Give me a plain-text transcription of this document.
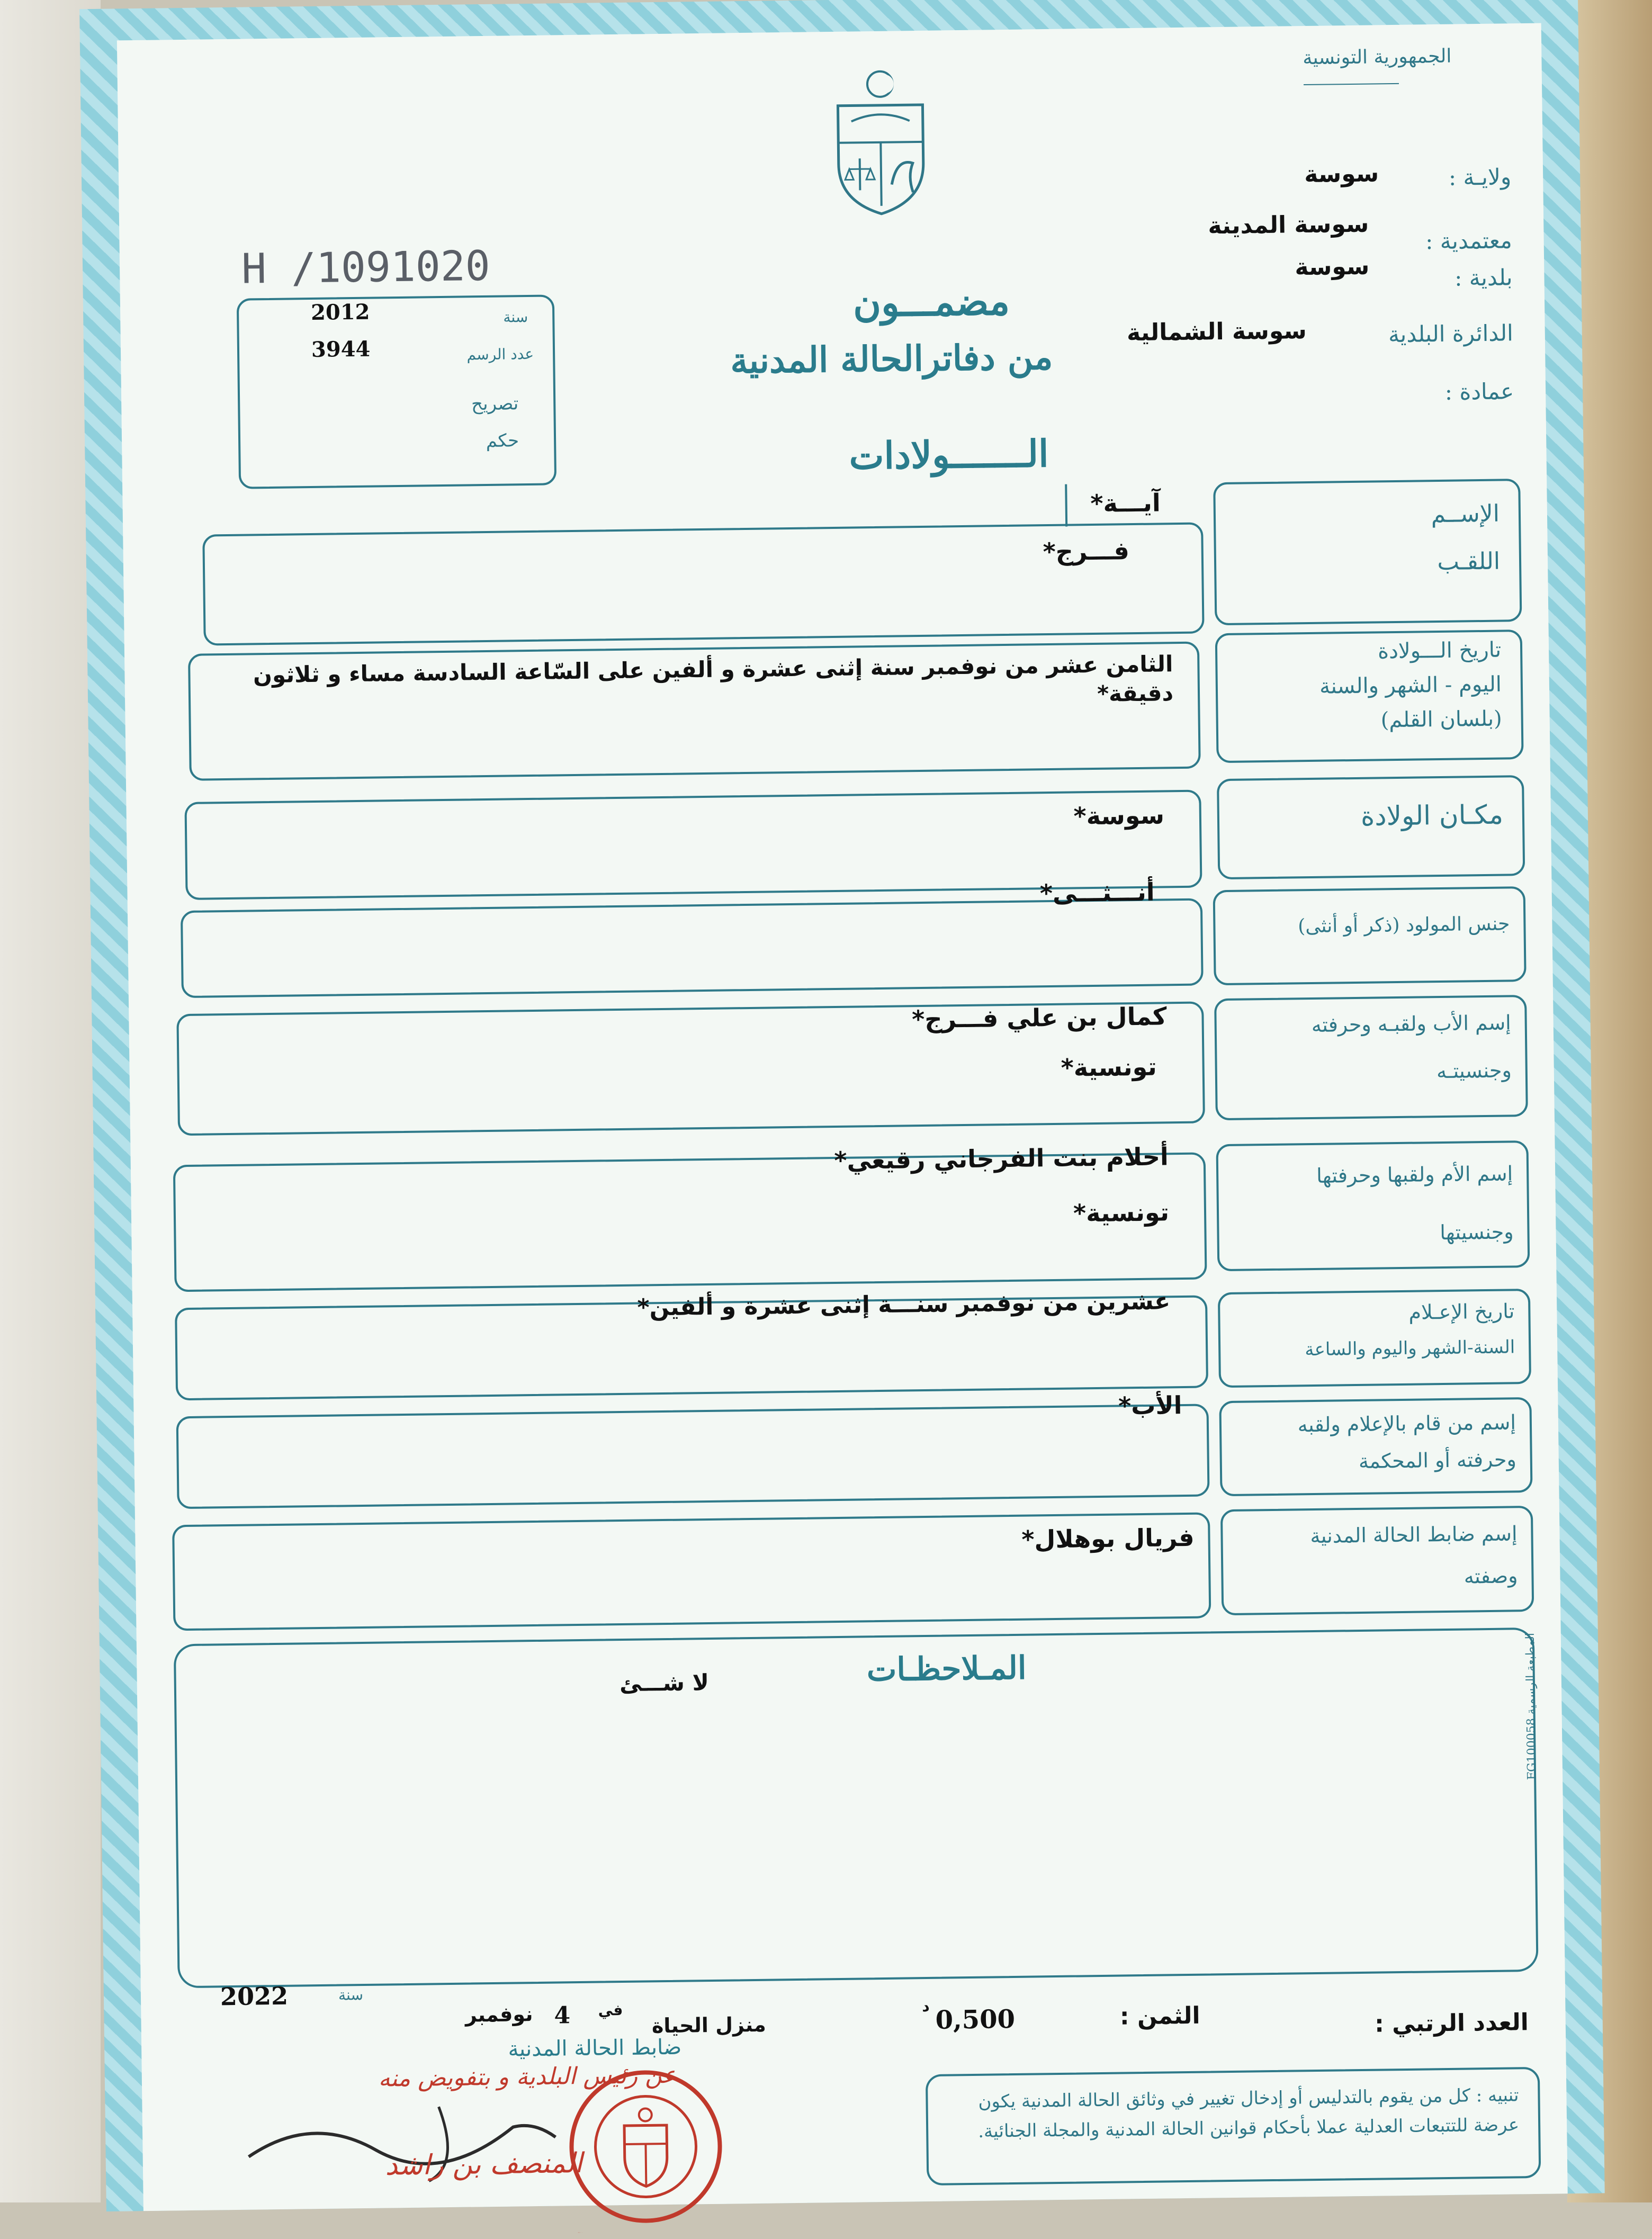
الجمهورية التونسية
ولايـة :
سوسة
معتمدية :
سوسة المدينة
بلدية :
سوسة
الدائرة البلدية
سوسة الشمالية
عمادة :
H /1091020
سنة
2012
عدد الرسم
3944
تصريح
حكم
مضمـــون
من دفاترالحالة المدنية
الـــــــولادات
الإســم
اللقـب
آيـــة*
فـــرج*
تاريخ الـــولادة
اليوم - الشهر والسنة
(بلسان القلم)
الثامن عشر من نوفمبر سنة إثنى عشرة و ألفين على السّاعة السادسة مساء و ثلاثون دقيقة*
مكـان الولادة
سوسة*
جنس المولود (ذكر أو أنثى)
أنـــثـــى*
إسم الأب ولقبـه وحرفته
وجنسيتـه
كمال بن علي فـــرج*
تونسية*
إسم الأم ولقبها وحرفتها
وجنسيتها
أحلام بنت الفرجاني رقيعي*
تونسية*
تاريخ الإعـلام
السنة-الشهر واليوم والساعة
عشرين من نوفمبر سنـــة إثنى عشرة و ألفين*
إسم من قام بالإعلام ولقبه
وحرفته أو المحكمة
الأب*
إسم ضابط الحالة المدنية
وصفته
فريال بوهلال*
المـلاحظـات
لا شـــئ
المطبعة الرسمية FG100058
العدد الرتبي :
الثمن :
0,500
د
منزل الحياة
في
4
نوفمبر
سنة
2022
ضابط الحالة المدنية
عن رئيس البلدية و بتفويض منه
المنصف بن راشد
وزارة الداخلية - بلدية منزل الحياة
تنبيه : كل من يقوم بالتدليس أو إدخال تغيير في وثائق الحالة المدنية يكون عرضة للتتبعات العدلية عملا بأحكام قوانين الحالة المدنية والمجلة الجنائية.
